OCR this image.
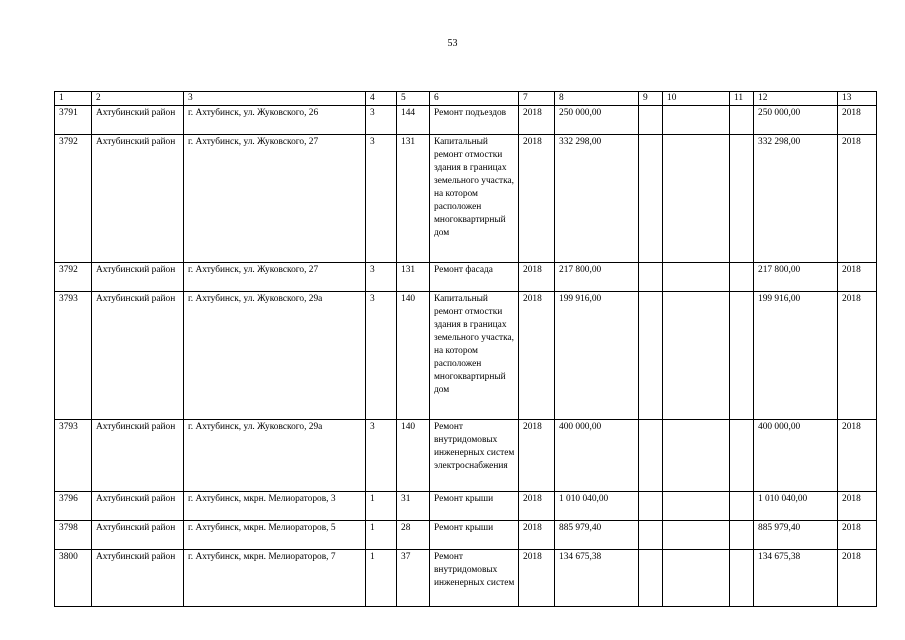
53
1	2	3	4	5	6	7	8	9	10	11	12	13
3791	Ахтубинский район	г. Ахтубинск, ул. Жуковского, 26	3	144	Ремонт подъездов	2018	250 000,00				250 000,00	2018
3792	Ахтубинский район	г. Ахтубинск, ул. Жуковского, 27	3	131	Капитальный ремонт отмостки здания в границах земельного участка, на котором расположен многоквартирный дом	2018	332 298,00				332 298,00	2018
3792	Ахтубинский район	г. Ахтубинск, ул. Жуковского, 27	3	131	Ремонт фасада	2018	217 800,00				217 800,00	2018
3793	Ахтубинский район	г. Ахтубинск, ул. Жуковского, 29а	3	140	Капитальный ремонт отмостки здания в границах земельного участка, на котором расположен многоквартирный дом	2018	199 916,00				199 916,00	2018
3793	Ахтубинский район	г. Ахтубинск, ул. Жуковского, 29а	3	140	Ремонт внутридомовых инженерных систем электроснабжения	2018	400 000,00				400 000,00	2018
3796	Ахтубинский район	г. Ахтубинск, мкрн. Мелиораторов, 3	1	31	Ремонт крыши	2018	1 010 040,00				1 010 040,00	2018
3798	Ахтубинский район	г. Ахтубинск, мкрн. Мелиораторов, 5	1	28	Ремонт крыши	2018	885 979,40				885 979,40	2018
3800	Ахтубинский район	г. Ахтубинск, мкрн. Мелиораторов, 7	1	37	Ремонт внутридомовых инженерных систем	2018	134 675,38				134 675,38	2018
